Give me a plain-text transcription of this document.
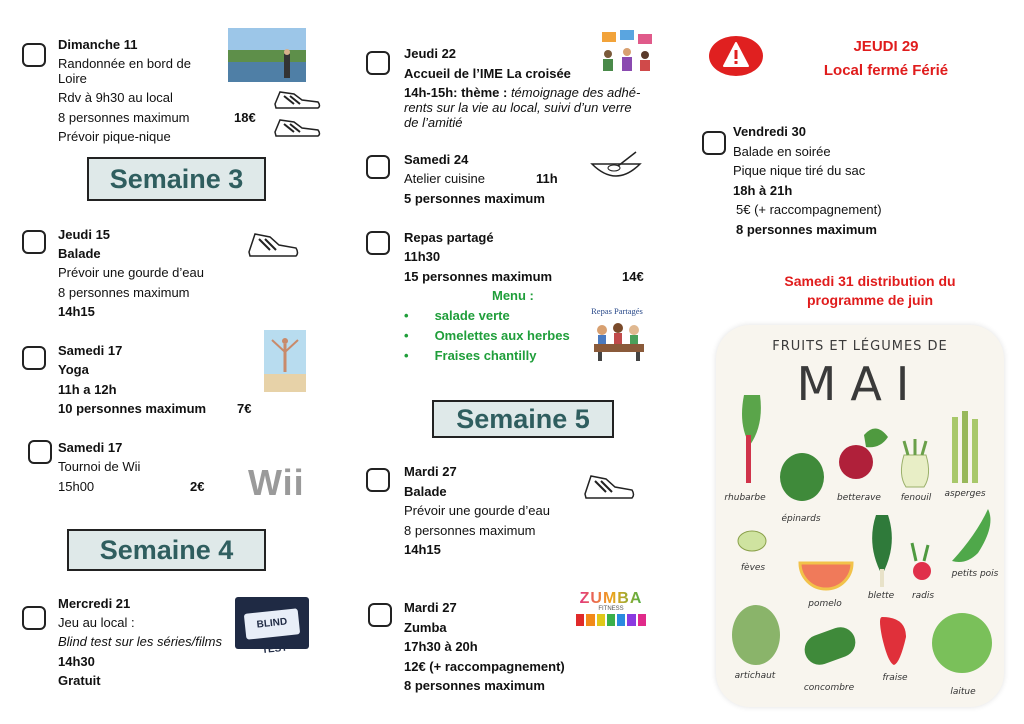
Dimanche 11
Randonnée en bord de
Loire
Rdv à 9h30 au local
8 personnes maximum	18€
Prévoir pique-nique
Semaine 3
Jeudi 15
Balade
Prévoir une gourde d’eau
8 personnes maximum
14h15
Samedi 17
Yoga
11h a 12h
10 personnes maximum 7€
Samedi 17
Tournoi de Wii
15h00	2€ Wii
Semaine 4
Mercredi 21
Jeu au local :
Blind test sur les séries/films
14h30
Gratuit
BLIND TEST
Jeudi 22
Accueil de l’IME La croisée
14h-15h: thème : témoignage des adhé-
rents sur la vie au local, suivi d’un verre
de l’amitié
Samedi 24
Atelier cuisine	11h
5 personnes maximum
Repas partagé
11h30
15 personnes maximum	14€
Menu :
• salade verte
• Omelettes aux herbes
• Fraises chantilly
Repas Partagés
Semaine 5
Mardi 27
Balade
Prévoir une gourde d’eau
8 personnes maximum
14h15
Mardi 27
Zumba
17h30 à 20h
12€ (+ raccompagnement)
8 personnes maximum
ZUMBA
FITNESS
JEUDI 29
Local fermé Férié
Vendredi 30
Balade en soirée
Pique nique tiré du sac
18h à 21h
5€ (+ raccompagnement)
8 personnes maximum
Samedi 31 distribution du
programme de juin
FRUITS ET LÉGUMES DE
MAI
rhubarbe
épinards
betterave	fenouil	asperges
fèves
pomelo
blette	radis
petits pois
artichaut
concombre
fraise
laitue
